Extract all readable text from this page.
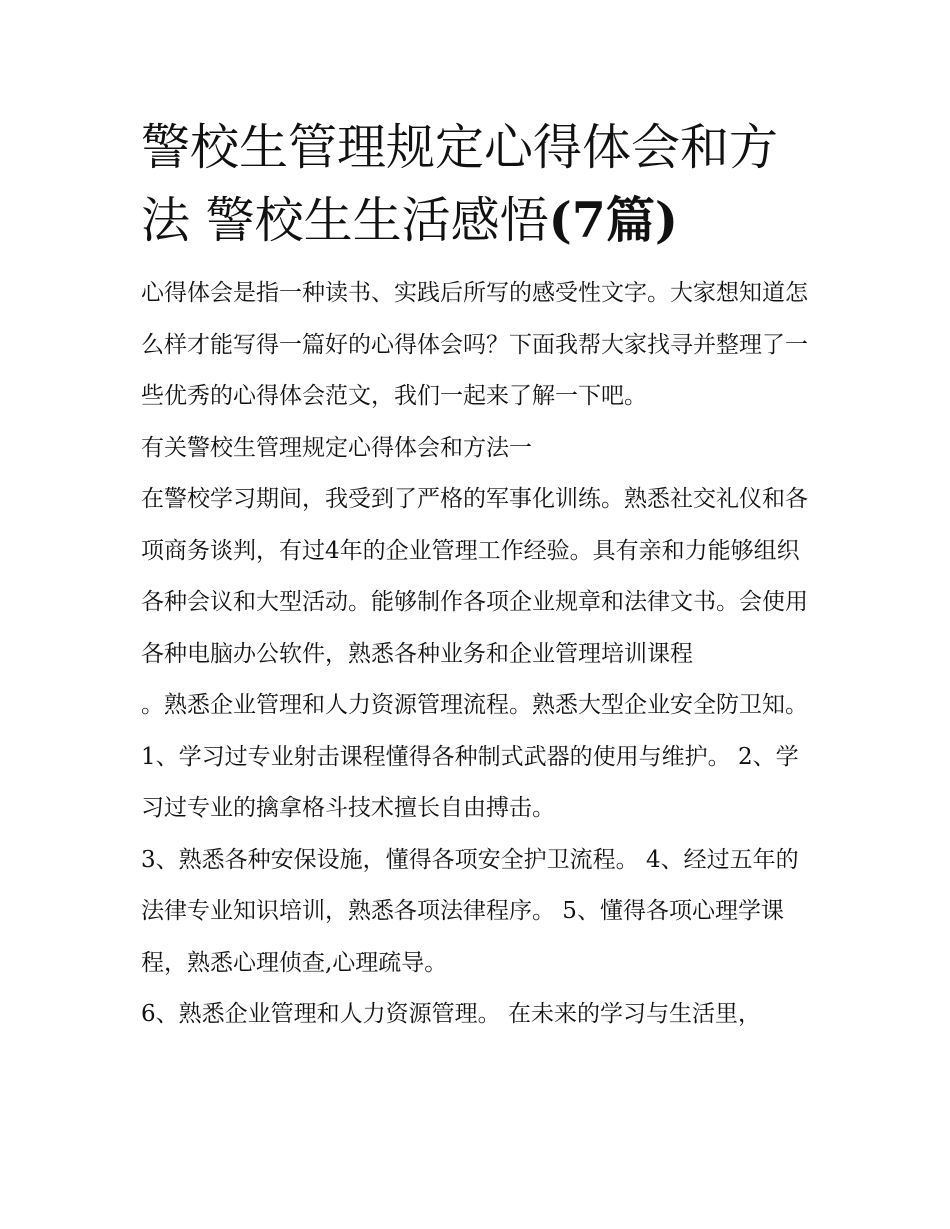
警校生管理规定心得体会和方法 警校生生活感悟(7篇)

心得体会是指一种读书、实践后所写的感受性文字。大家想知道怎么样才能写得一篇好的心得体会吗？下面我帮大家找寻并整理了一些优秀的心得体会范文，我们一起来了解一下吧。

有关警校生管理规定心得体会和方法一

在警校学习期间，我受到了严格的军事化训练。熟悉社交礼仪和各项商务谈判，有过4年的企业管理工作经验。具有亲和力能够组织各种会议和大型活动。能够制作各项企业规章和法律文书。会使用各种电脑办公软件，熟悉各种业务和企业管理培训课程

。熟悉企业管理和人力资源管理流程。熟悉大型企业安全防卫知。 1、学习过专业射击课程懂得各种制式武器的使用与维护。 2、学习过专业的擒拿格斗技术擅长自由搏击。

3、熟悉各种安保设施，懂得各项安全护卫流程。 4、经过五年的法律专业知识培训，熟悉各项法律程序。 5、懂得各项心理学课程，熟悉心理侦查,心理疏导。

6、熟悉企业管理和人力资源管理。 在未来的学习与生活里，
